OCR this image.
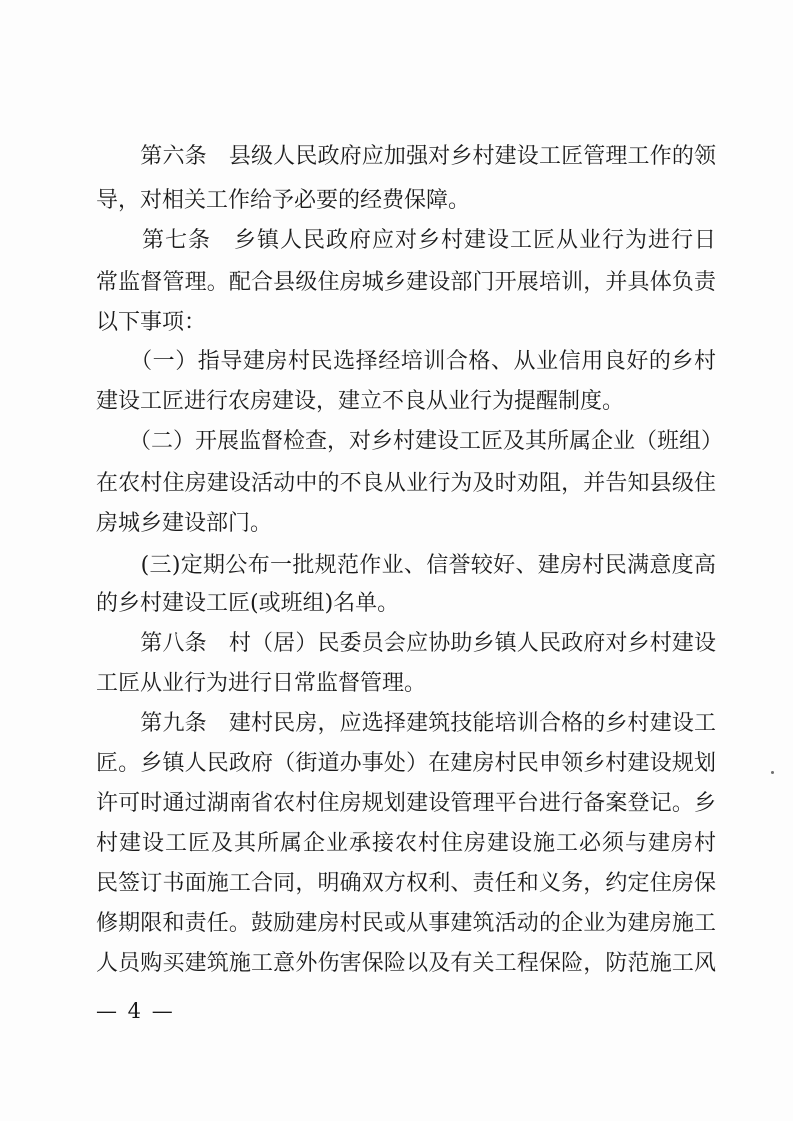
　　第六条　县级人民政府应加强对乡村建设工匠管理工作的领
导，对相关工作给予必要的经费保障。
　　第七条　乡镇人民政府应对乡村建设工匠从业行为进行日
常监督管理。配合县级住房城乡建设部门开展培训，并具体负责
以下事项：
　　（一）指导建房村民选择经培训合格、从业信用良好的乡村
建设工匠进行农房建设，建立不良从业行为提醒制度。
　　（二）开展监督检查，对乡村建设工匠及其所属企业（班组）
在农村住房建设活动中的不良从业行为及时劝阻，并告知县级住
房城乡建设部门。
　　(三)定期公布一批规范作业、信誉较好、建房村民满意度高
的乡村建设工匠(或班组)名单。
　　第八条　村（居）民委员会应协助乡镇人民政府对乡村建设
工匠从业行为进行日常监督管理。
　　第九条　建村民房，应选择建筑技能培训合格的乡村建设工
匠。乡镇人民政府（街道办事处）在建房村民申领乡村建设规划
许可时通过湖南省农村住房规划建设管理平台进行备案登记。乡
村建设工匠及其所属企业承接农村住房建设施工必须与建房村
民签订书面施工合同，明确双方权利、责任和义务，约定住房保
修期限和责任。鼓励建房村民或从事建筑活动的企业为建房施工
人员购买建筑施工意外伤害保险以及有关工程保险，防范施工风
— 4 —
